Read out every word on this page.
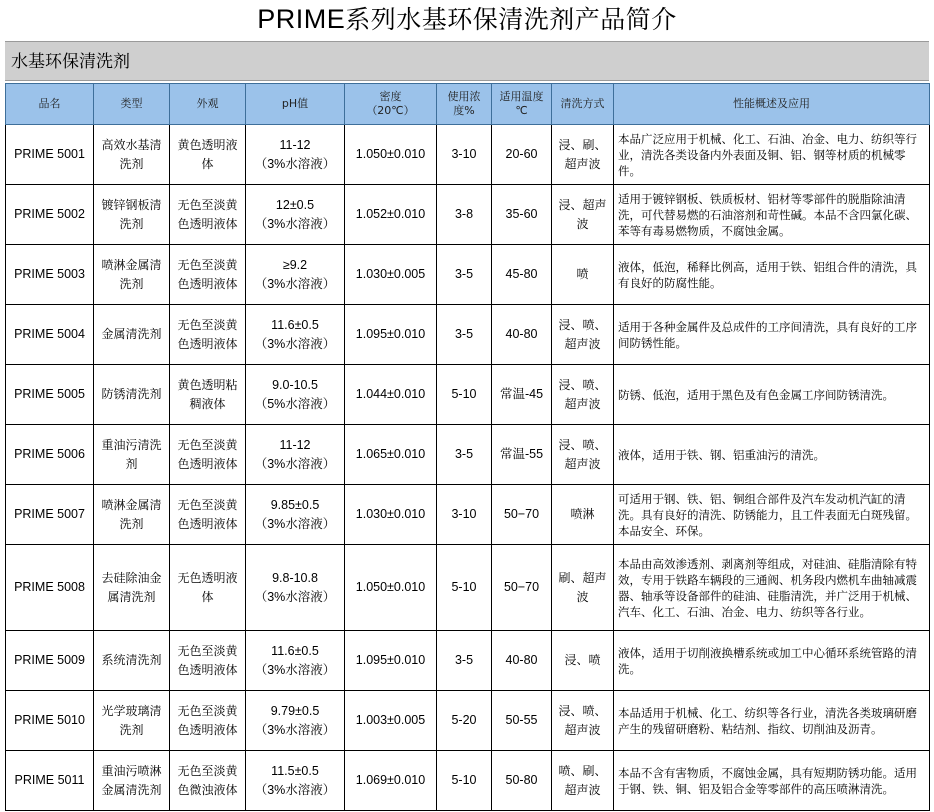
PRIME系列水基环保清洗剂产品简介
水基环保清洗剂
品名	类型	外观	pH值	密度
（20℃）	使用浓
度%	适用温度
℃	清洗方式	性能概述及应用
PRIME 5001	高效水基清洗剂	黄色透明液体	11-12
（3%水溶液）	1.050±0.010	3-10	20-60	浸、刷、超声波	本品广泛应用于机械、化工、石油、冶金、电力、纺织等行业，清洗各类设备内外表面及铜、铝、钢等材质的机械零件。
PRIME 5002	镀锌钢板清洗剂	无色至淡黄色透明液体	12±0.5
（3%水溶液）	1.052±0.010	3-8	35-60	浸、超声波	适用于镀锌钢板、铁质板材、铝材等零部件的脱脂除油清洗，可代替易燃的石油溶剂和苛性碱。本品不含四氯化碳、苯等有毒易燃物质，不腐蚀金属。
PRIME 5003	喷淋金属清洗剂	无色至淡黄色透明液体	≥9.2
（3%水溶液）	1.030±0.005	3-5	45-80	喷	液体，低泡，稀释比例高，适用于铁、铝组合件的清洗，具有良好的防腐性能。
PRIME 5004	金属清洗剂	无色至淡黄色透明液体	11.6±0.5
（3%水溶液）	1.095±0.010	3-5	40-80	浸、喷、超声波	适用于各种金属件及总成件的工序间清洗，具有良好的工序间防锈性能。
PRIME 5005	防锈清洗剂	黄色透明粘稠液体	9.0-10.5
（5%水溶液）	1.044±0.010	5-10	常温-45	浸、喷、超声波	防锈、低泡，适用于黑色及有色金属工序间防锈清洗。
PRIME 5006	重油污清洗剂	无色至淡黄色透明液体	11-12
（3%水溶液）	1.065±0.010	3-5	常温-55	浸、喷、超声波	液体，适用于铁、钢、铝重油污的清洗。
PRIME 5007	喷淋金属清洗剂	无色至淡黄色透明液体	9.85±0.5
（3%水溶液）	1.030±0.010	3-10	50−70	喷淋	可适用于钢、铁、铝、铜组合部件及汽车发动机汽缸的清洗。具有良好的清洗、防锈能力，且工件表面无白斑残留。本品安全、环保。
PRIME 5008	去硅除油金属清洗剂	无色透明液体	9.8-10.8
（3%水溶液）	1.050±0.010	5-10	50−70	刷、超声波	本品由高效渗透剂、剥离剂等组成，对硅油、硅脂清除有特效，专用于铁路车辆段的三通阀、机务段内燃机车曲轴减震器、轴承等设备部件的硅油、硅脂清洗，并广泛用于机械、汽车、化工、石油、冶金、电力、纺织等各行业。
PRIME 5009	系统清洗剂	无色至淡黄色透明液体	11.6±0.5
（3%水溶液）	1.095±0.010	3-5	40-80	浸、喷	液体，适用于切削液换槽系统或加工中心循环系统管路的清洗。
PRIME 5010	光学玻璃清洗剂	无色至淡黄色透明液体	9.79±0.5
（3%水溶液）	1.003±0.005	5-20	50-55	浸、喷、超声波	本品适用于机械、化工、纺织等各行业，清洗各类玻璃研磨产生的残留研磨粉、粘结剂、指纹、切削油及沥青。
PRIME 5011	重油污喷淋金属清洗剂	无色至淡黄色微浊液体	11.5±0.5
（3%水溶液）	1.069±0.010	5-10	50-80	喷、刷、超声波	本品不含有害物质，不腐蚀金属，具有短期防锈功能。适用于钢、铁、铜、铝及铝合金等零部件的高压喷淋清洗。
